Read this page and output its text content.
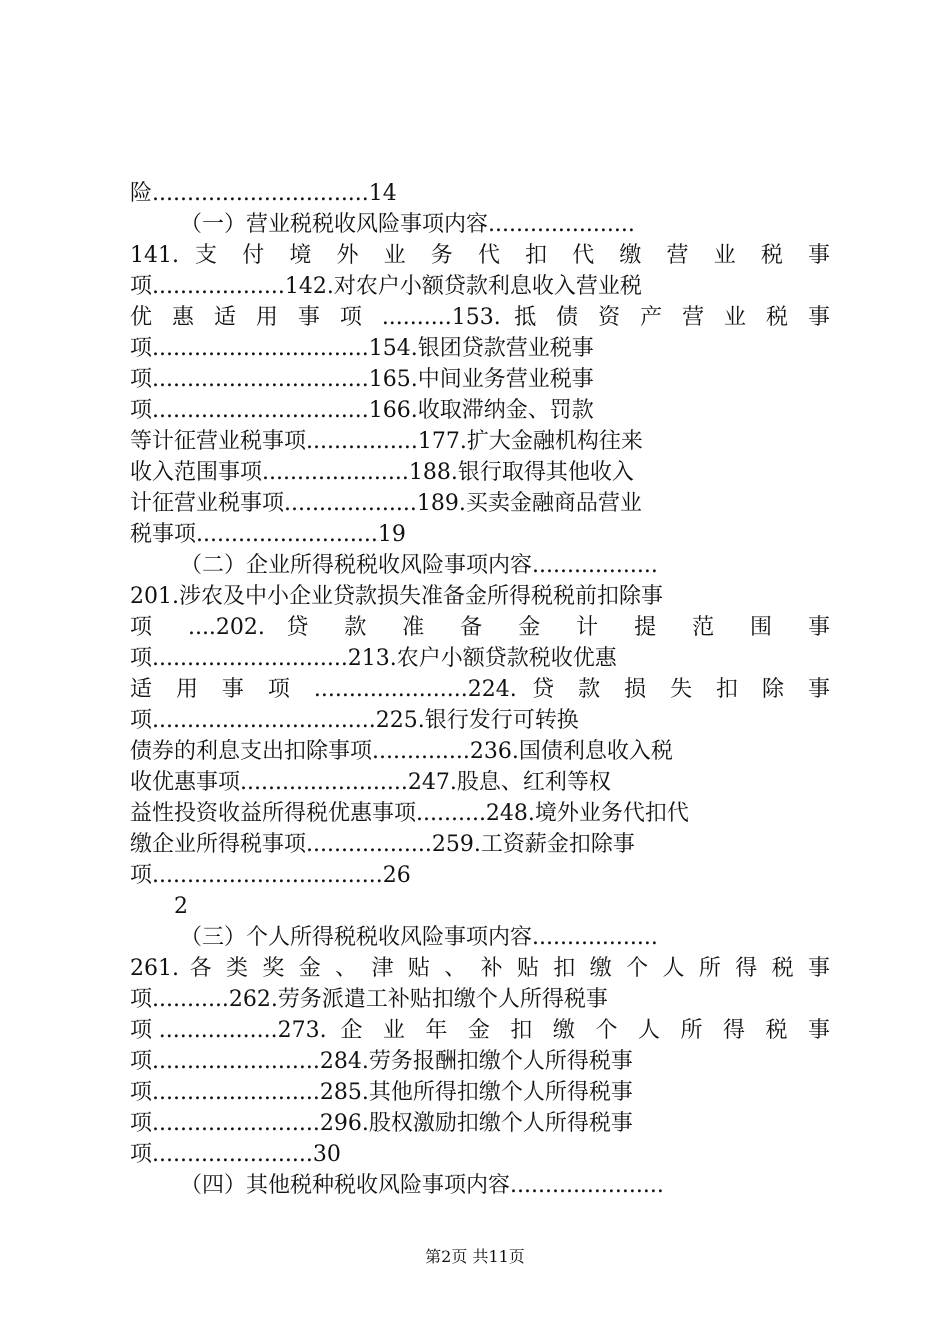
险...............................14
（一）营业税税收风险事项内容.....................
141. 支 付 境 外 业 务 代 扣 代 缴 营 业 税 事
项...................142.对农户小额贷款利息收入营业税
优 惠 适 用 事 项 ..........153. 抵 债 资 产 营 业 税 事
项...............................154.银团贷款营业税事
项...............................165.中间业务营业税事
项...............................166.收取滞纳金、罚款
等计征营业税事项................177.扩大金融机构往来
收入范围事项.....................188.银行取得其他收入
计征营业税事项...................189.买卖金融商品营业
税事项..........................19
（二）企业所得税税收风险事项内容..................
201.涉农及中小企业贷款损失准备金所得税税前扣除事
项 ....202. 贷 款 准 备 金 计 提 范 围 事
项............................213.农户小额贷款税收优惠
适 用 事 项 ......................224. 贷 款 损 失 扣 除 事
项................................225.银行发行可转换
债券的利息支出扣除事项..............236.国债利息收入税
收优惠事项........................247.股息、红利等权
益性投资收益所得税优惠事项..........248.境外业务代扣代
缴企业所得税事项..................259.工资薪金扣除事
项.................................26
2
（三）个人所得税税收风险事项内容..................
261. 各 类 奖 金 、 津 贴 、 补 贴 扣 缴 个 人 所 得 税 事
项...........262.劳务派遣工补贴扣缴个人所得税事
项.................273. 企 业 年 金 扣 缴 个 人 所 得 税 事
项........................284.劳务报酬扣缴个人所得税事
项........................285.其他所得扣缴个人所得税事
项........................296.股权激励扣缴个人所得税事
项.......................30
（四）其他税种税收风险事项内容......................
第2页 共11页
